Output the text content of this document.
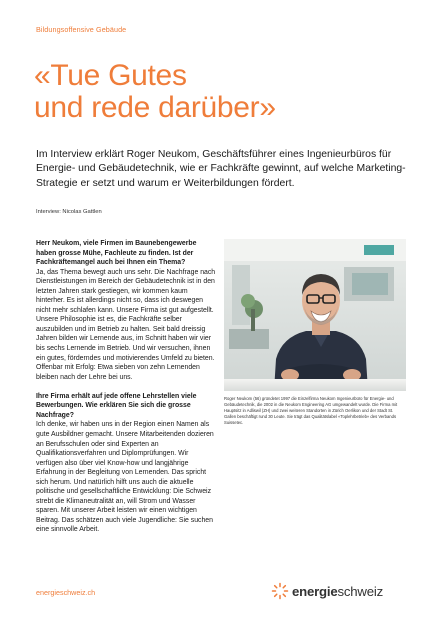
Bildungsoffensive Gebäude
«Tue Gutes
und rede darüber»

Im Interview erklärt Roger Neukom, Geschäftsführer eines Ingenieurbüros für Energie- und Gebäudetechnik, wie er Fachkräfte gewinnt, auf welche Marketing-Strategie er setzt und warum er Weiterbildungen fördert.

Interview: Nicolas Gattlen

Herr Neukom, viele Firmen im Baunebengewerbe haben grosse Mühe, Fachleute zu finden. Ist der Fachkräftemangel auch bei Ihnen ein Thema?
Ja, das Thema bewegt auch uns sehr. Die Nachfrage nach Dienstleistungen im Bereich der Gebäudetechnik ist in den letzten Jahren stark gestiegen, wir kommen kaum hinterher. Es ist allerdings nicht so, dass ich deswegen nicht mehr schlafen kann. Unsere Firma ist gut aufgestellt. Unsere Philosophie ist es, die Fachkräfte selber auszubilden und im Betrieb zu halten. Seit bald dreissig Jahren bilden wir Lernende aus, im Schnitt haben wir vier bis sechs Lernende im Betrieb. Und wir versuchen, ihnen ein gutes, förderndes und motivierendes Umfeld zu bieten. Offenbar mit Erfolg: Etwa sieben von zehn Lernenden bleiben nach der Lehre bei uns.

Ihre Firma erhält auf jede offene Lehrstellen viele Bewerbungen. Wie erklären Sie sich die grosse Nachfrage?
Ich denke, wir haben uns in der Region einen Namen als gute Ausbildner gemacht. Unsere Mitarbeitenden dozieren an Berufsschulen oder sind Experten an Qualifikationsverfahren und Diplomprüfungen. Wir verfügen also über viel Know-how und langjährige Erfahrung in der Begleitung von Lernenden. Das spricht sich herum. Und natürlich hilft uns auch die aktuelle politische und gesellschaftliche Entwicklung: Die Schweiz strebt die Klimaneutralität an, will Strom und Wasser sparen. Mit unserer Arbeit leisten wir einen wichtigen Beitrag. Das schätzen auch viele Jugendliche: Sie suchen eine sinnvolle Arbeit.

Roger Neukom (56) gründetet 1997 die Einzelfirma Neukom Ingenieurbüro für Energie- und Gebäudetechnik, die 2002 in die Neukom Engineering AG umgewandelt wurde. Die Firma mit Hauptsitz in Adliswil (ZH) und zwei weiteren Standorten in Zürich Oerlikon und der Stadt St. Gallen beschäftigt rund 30 Leute. Sie trägt das Qualitätslabel «Toplehrbetrieb» des Verbands Suissetec.

energieschweiz.ch	energieschweiz
